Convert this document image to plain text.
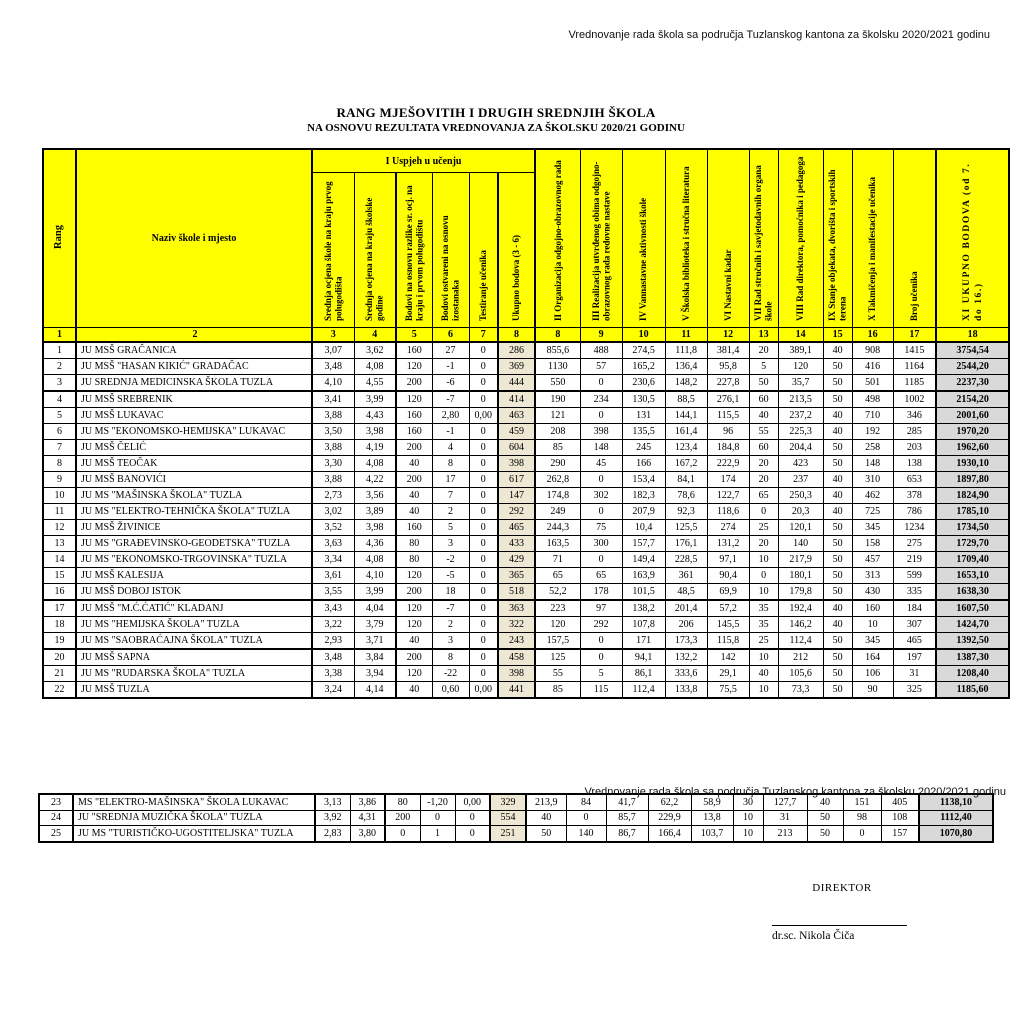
Vrednovanje rada škola sa područja Tuzlanskog kantona za školsku 2020/2021 godinu
RANG MJEŠOVITIH I DRUGIH SREDNJIH ŠKOLA
NA OSNOVU REZULTATA VREDNOVANJA ZA ŠKOLSKU 2020/21 GODINU
Rang	Naziv škole i mjesto	I Uspjeh u učenju						II Organizacija odgojno-obrazovnog rada	III Realizacija utvrđenog obima odgojno-obrazovnog rada redovne nastave	IV Vannastavne aktivnosti škole	V Školska biblioteka i stručna literatura	VI Nastavni kadar	VII Rad stručnih i savjetodavnih organa škole	VIII Rad direktora, pomoćnika i pedagoga	IX Stanje objekata, dvorišta i sportskih terena	X Takmičenja i manifestacije učenika	Broj učenika	XI UKUPNO BODOVA (od 7. do 16.)
		Srednja ocjena škole na kraju prvog polugodišta	Srednja ocjena na kraju školske godine	Bodovi na osnovu razlike sr. ocj. na kraju i prvom polugodištu	Bodovi ostvareni na osnovu izostanaka	Testiranje učenika	Ukupno bodova (3 - 6)											
1	2	3	4	5	6	7	8	8	9	10	11	12	13	14	15	16	17	18
1	JU MSŠ GRAČANICA	3,07	3,62	160	27	0	286	855,6	488	274,5	111,8	381,4	20	389,1	40	908	1415	3754,54
2	JU MSŠ "HASAN KIKIĆ" GRADAČAC	3,48	4,08	120	-1	0	369	1130	57	165,2	136,4	95,8	5	120	50	416	1164	2544,20
3	JU SREDNJA MEDICINSKA ŠKOLA TUZLA	4,10	4,55	200	-6	0	444	550	0	230,6	148,2	227,8	50	35,7	50	501	1185	2237,30
4	JU MSŠ SREBRENIK	3,41	3,99	120	-7	0	414	190	234	130,5	88,5	276,1	60	213,5	50	498	1002	2154,20
5	JU MSŠ LUKAVAC	3,88	4,43	160	2,80	0,00	463	121	0	131	144,1	115,5	40	237,2	40	710	346	2001,60
6	JU MS "EKONOMSKO-HEMIJSKA" LUKAVAC	3,50	3,98	160	-1	0	459	208	398	135,5	161,4	96	55	225,3	40	192	285	1970,20
7	JU MSŠ ČELIĆ	3,88	4,19	200	4	0	604	85	148	245	123,4	184,8	60	204,4	50	258	203	1962,60
8	JU MSŠ TEOČAK	3,30	4,08	40	8	0	398	290	45	166	167,2	222,9	20	423	50	148	138	1930,10
9	JU MSŠ BANOVIĆI	3,88	4,22	200	17	0	617	262,8	0	153,4	84,1	174	20	237	40	310	653	1897,80
10	JU MS "MAŠINSKA ŠKOLA" TUZLA	2,73	3,56	40	7	0	147	174,8	302	182,3	78,6	122,7	65	250,3	40	462	378	1824,90
11	JU MS "ELEKTRO-TEHNIČKA ŠKOLA" TUZLA	3,02	3,89	40	2	0	292	249	0	207,9	92,3	118,6	0	20,3	40	725	786	1785,10
12	JU MSŠ ŽIVINICE	3,52	3,98	160	5	0	465	244,3	75	10,4	125,5	274	25	120,1	50	345	1234	1734,50
13	JU MS "GRAĐEVINSKO-GEODETSKA" TUZLA	3,63	4,36	80	3	0	433	163,5	300	157,7	176,1	131,2	20	140	50	158	275	1729,70
14	JU MS "EKONOMSKO-TRGOVINSKA" TUZLA	3,34	4,08	80	-2	0	429	71	0	149,4	228,5	97,1	10	217,9	50	457	219	1709,40
15	JU MSŠ KALESIJA	3,61	4,10	120	-5	0	365	65	65	163,9	361	90,4	0	180,1	50	313	599	1653,10
16	JU MSŠ DOBOJ ISTOK	3,55	3,99	200	18	0	518	52,2	178	101,5	48,5	69,9	10	179,8	50	430	335	1638,30
17	JU MSŠ "M.Ć.ĆATIĆ" KLADANJ	3,43	4,04	120	-7	0	363	223	97	138,2	201,4	57,2	35	192,4	40	160	184	1607,50
18	JU MS "HEMIJSKA ŠKOLA" TUZLA	3,22	3,79	120	2	0	322	120	292	107,8	206	145,5	35	146,2	40	10	307	1424,70
19	JU MS "SAOBRAĆAJNA ŠKOLA" TUZLA	2,93	3,71	40	3	0	243	157,5	0	171	173,3	115,8	25	112,4	50	345	465	1392,50
20	JU MSŠ SAPNA	3,48	3,84	200	8	0	458	125	0	94,1	132,2	142	10	212	50	164	197	1387,30
21	JU MS "RUDARSKA ŠKOLA" TUZLA	3,38	3,94	120	-22	0	398	55	5	86,1	333,6	29,1	40	105,6	50	106	31	1208,40
22	JU MSŠ TUZLA	3,24	4,14	40	0,60	0,00	441	85	115	112,4	133,8	75,5	10	73,3	50	90	325	1185,60
Vrednovanje rada škola sa područja Tuzlanskog kantona za školsku 2020/2021 godinu
23	MS "ELEKTRO-MAŠINSKA" ŠKOLA LUKAVAC	3,13	3,86	80	-1,20	0,00	329	213,9	84	41,7	62,2	58,9	30	127,7	40	151	405	1138,10
24	JU "SREDNJA MUZIČKA ŠKOLA" TUZLA	3,92	4,31	200	0	0	554	40	0	85,7	229,9	13,8	10	31	50	98	108	1112,40
25	JU MS "TURISTIČKO-UGOSTITELJSKA" TUZLA	2,83	3,80	0	1	0	251	50	140	86,7	166,4	103,7	10	213	50	0	157	1070,80
DIREKTOR
dr.sc. Nikola Čiča
